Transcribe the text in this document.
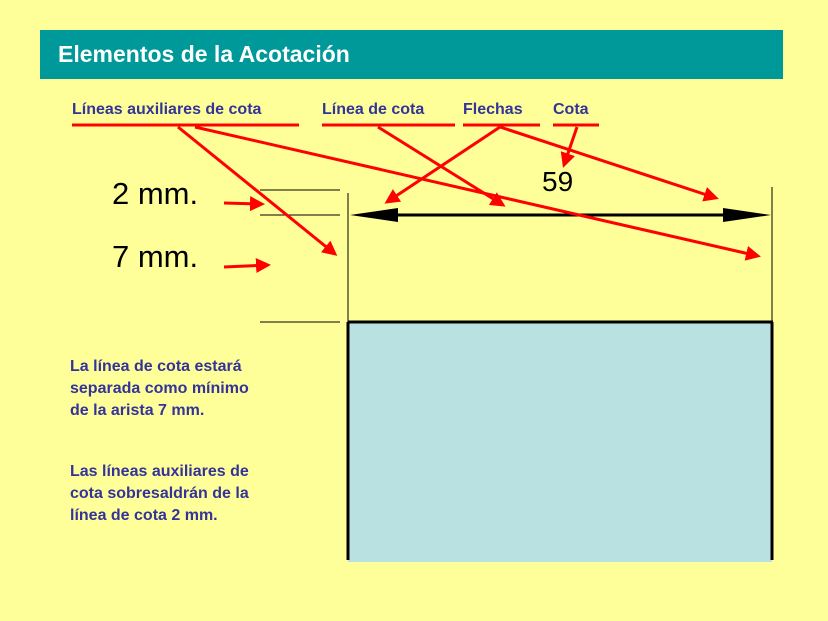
Elementos de la Acotación
Líneas auxiliares de cota	Línea de cota Flechas Cota
2 mm.
7 mm.
59
La línea de cota estará
separada como mínimo
de la arista 7 mm.
Las líneas auxiliares de
cota sobresaldrán de la
línea de cota 2 mm.
